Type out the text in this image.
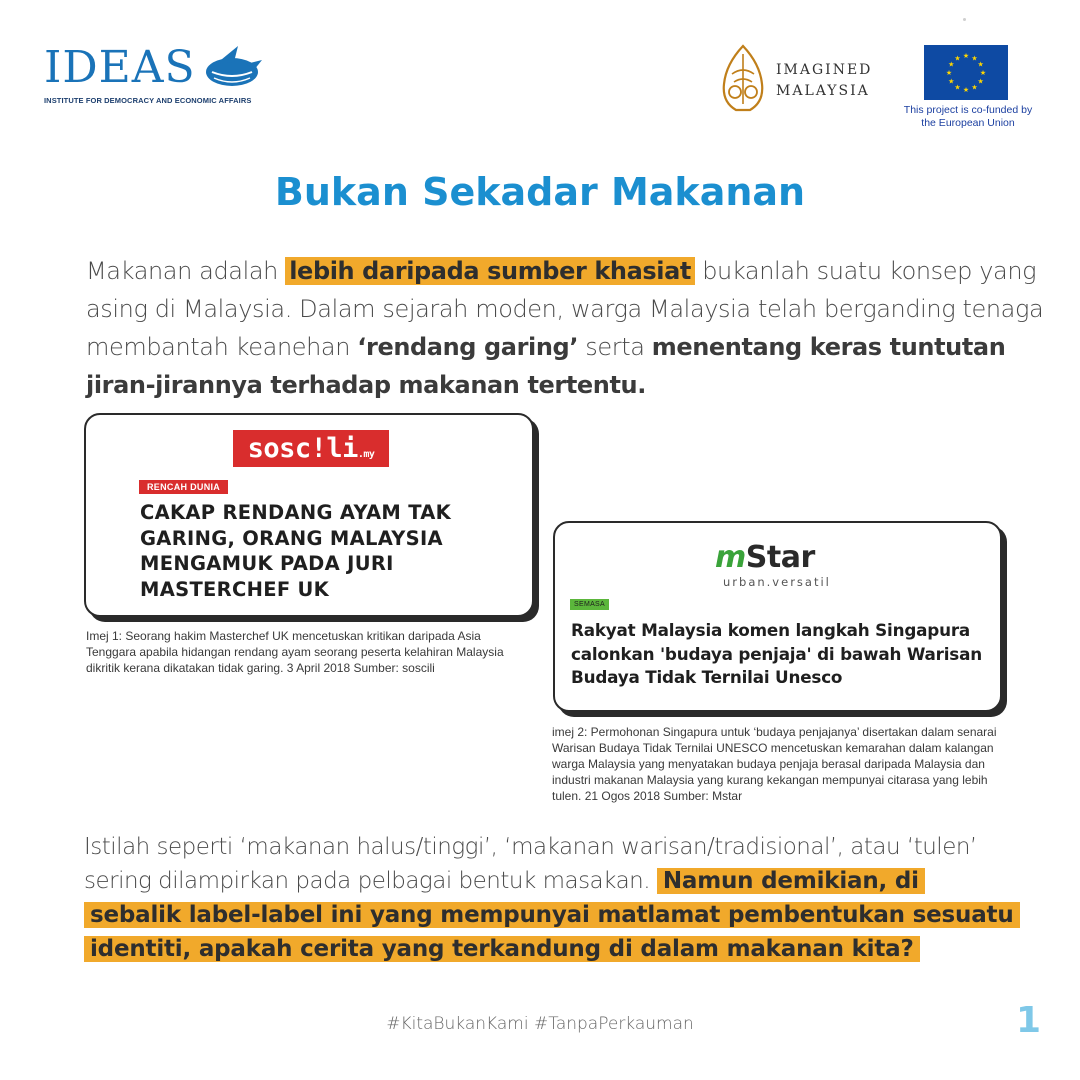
IDEAS
INSTITUTE FOR DEMOCRACY AND ECONOMIC AFFAIRS
IMAGINED
MALAYSIA
★ ★
★
★
★
★
★
★
★
★
★
★
This project is co-funded by
the European Union
Bukan Sekadar Makanan
Makanan adalah lebih daripada sumber khasiat bukanlah suatu konsep yang
asing di Malaysia. Dalam sejarah moden, warga Malaysia telah berganding tenaga
membantah keanehan ‘rendang garing’ serta menentang keras tuntutan
jiran-jirannya terhadap makanan tertentu.
sosc!li.my
RENCAH DUNIA
CAKAP RENDANG AYAM TAK GARING, ORANG MALAYSIA MENGAMUK PADA JURI MASTERCHEF UK
Imej 1: Seorang hakim Masterchef UK mencetuskan kritikan daripada Asia Tenggara apabila hidangan rendang ayam seorang peserta kelahiran Malaysia dikritik kerana dikatakan tidak garing. 3 April 2018 Sumber: soscili
mStar
urban.versatil
SEMASA
Rakyat Malaysia komen langkah Singapura calonkan 'budaya penjaja' di bawah Warisan Budaya Tidak Ternilai Unesco
imej 2: Permohonan Singapura untuk ‘budaya penjajanya’ disertakan dalam senarai Warisan Budaya Tidak Ternilai UNESCO mencetuskan kemarahan dalam kalangan warga Malaysia yang menyatakan budaya penjaja berasal daripada Malaysia dan industri makanan Malaysia yang kurang kekangan mempunyai citarasa yang lebih tulen. 21 Ogos 2018 Sumber: Mstar
Istilah seperti ‘makanan halus/tinggi’, ‘makanan warisan/tradisional’, atau ‘tulen’
sering dilampirkan pada pelbagai bentuk masakan. Namun demikian, di
sebalik label-label ini yang mempunyai matlamat pembentukan sesuatu
identiti, apakah cerita yang terkandung di dalam makanan kita?
#KitaBukanKami #TanpaPerkauman	1
